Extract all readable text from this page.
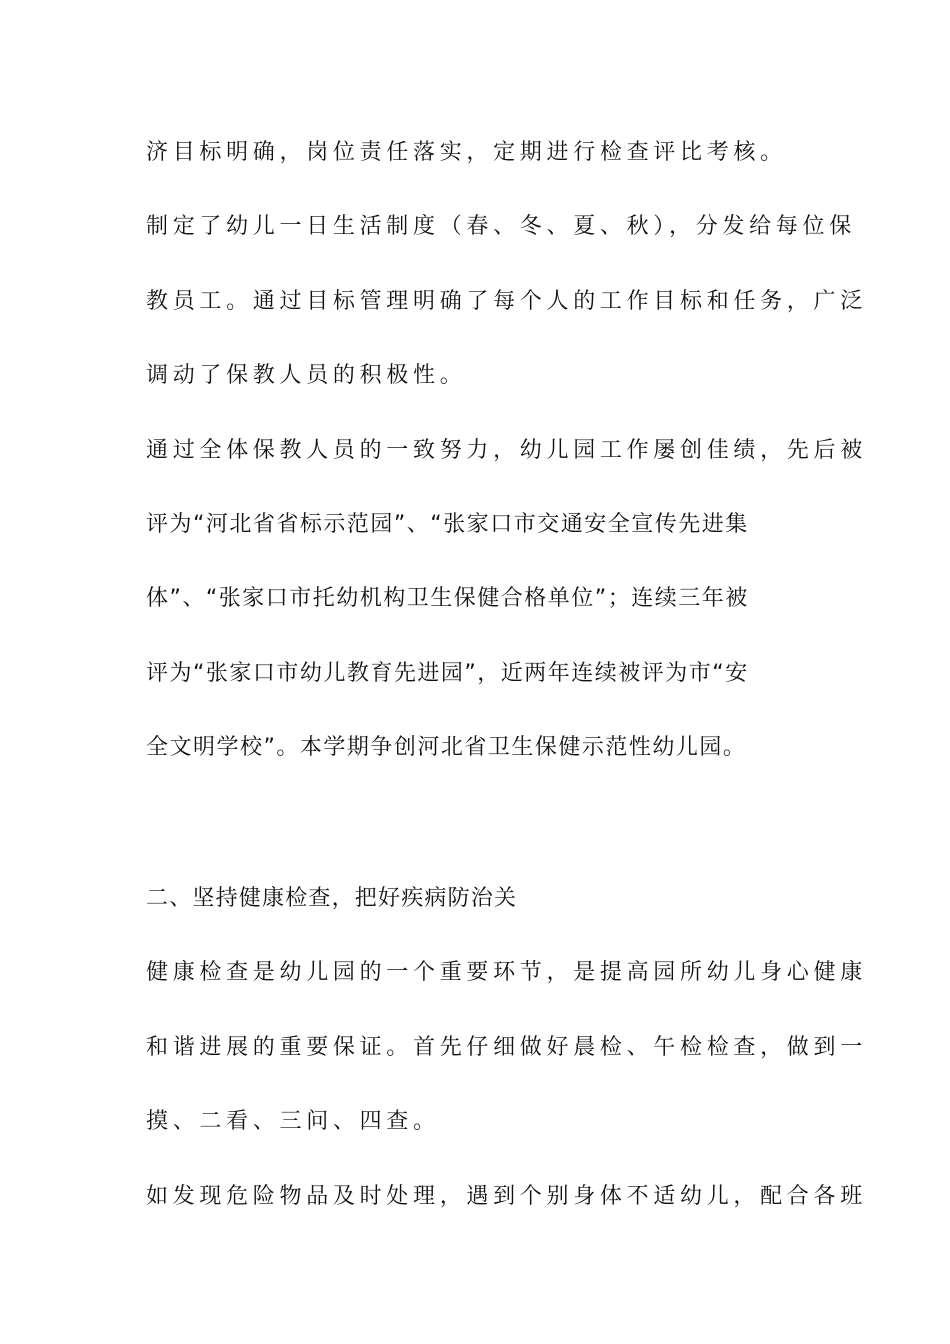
济目标明确，岗位责任落实，定期进行检查评比考核。
制定了幼儿一日生活制度（春、冬、夏、秋），分发给每位保
教员工。通过目标管理明确了每个人的工作目标和任务，广泛
调动了保教人员的积极性。
通过全体保教人员的一致努力，幼儿园工作屡创佳绩，先后被
评为“河北省省标示范园”、“张家口市交通安全宣传先进集
体”、“张家口市托幼机构卫生保健合格单位”；连续三年被
评为“张家口市幼儿教育先进园”，近两年连续被评为市“安
全文明学校”。本学期争创河北省卫生保健示范性幼儿园。
二、坚持健康检查，把好疾病防治关
健康检查是幼儿园的一个重要环节，是提高园所幼儿身心健康
和谐进展的重要保证。首先仔细做好晨检、午检检查，做到一
摸、二看、三问、四查。
如发现危险物品及时处理，遇到个别身体不适幼儿，配合各班
